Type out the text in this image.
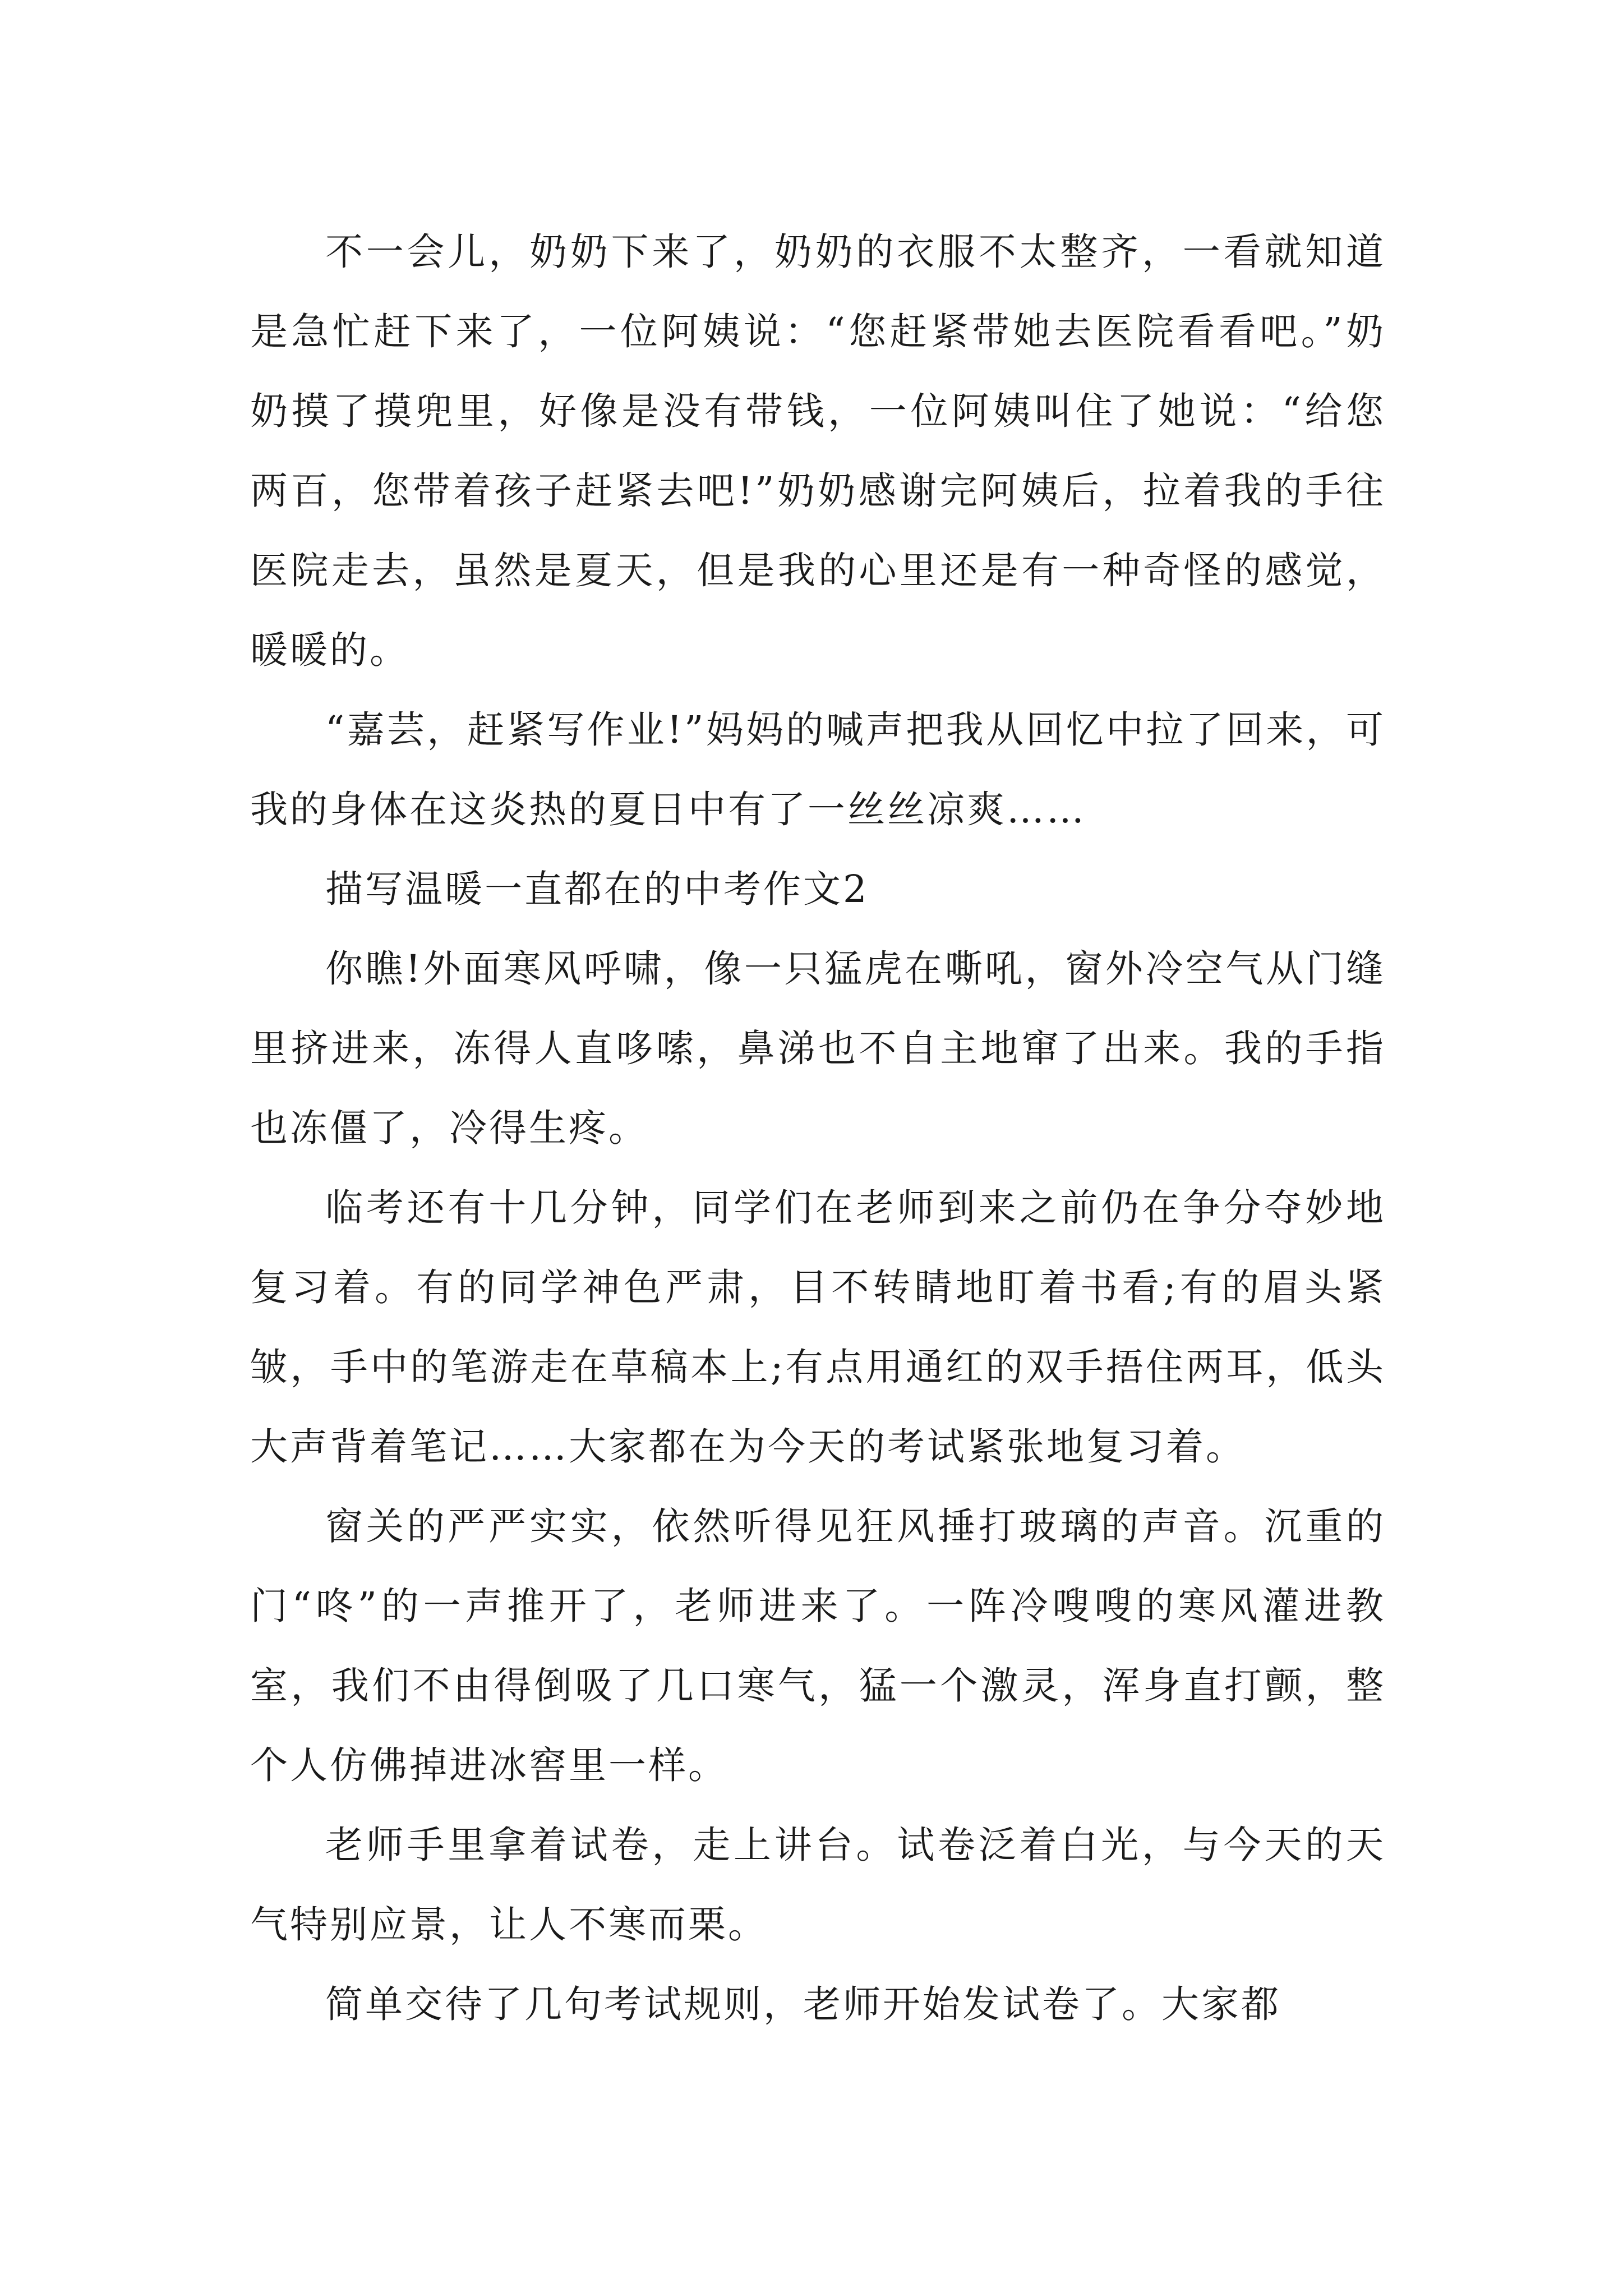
不一会儿，奶奶下来了，奶奶的衣服不太整齐，一看就知道是急忙赶下来了，一位阿姨说：“您赶紧带她去医院看看吧。”奶奶摸了摸兜里，好像是没有带钱，一位阿姨叫住了她说：“给您两百，您带着孩子赶紧去吧!”奶奶感谢完阿姨后，拉着我的手往医院走去，虽然是夏天，但是我的心里还是有一种奇怪的感觉，暖暖的。

“嘉芸，赶紧写作业!”妈妈的喊声把我从回忆中拉了回来，可我的身体在这炎热的夏日中有了一丝丝凉爽……

描写温暖一直都在的中考作文2

你瞧!外面寒风呼啸，像一只猛虎在嘶吼，窗外冷空气从门缝里挤进来，冻得人直哆嗦，鼻涕也不自主地窜了出来。我的手指也冻僵了，冷得生疼。

临考还有十几分钟，同学们在老师到来之前仍在争分夺妙地复习着。有的同学神色严肃，目不转睛地盯着书看;有的眉头紧皱，手中的笔游走在草稿本上;有点用通红的双手捂住两耳，低头大声背着笔记……大家都在为今天的考试紧张地复习着。

窗关的严严实实，依然听得见狂风捶打玻璃的声音。沉重的门“咚”的一声推开了，老师进来了。一阵冷嗖嗖的寒风灌进教室，我们不由得倒吸了几口寒气，猛一个激灵，浑身直打颤，整个人仿佛掉进冰窖里一样。

老师手里拿着试卷，走上讲台。试卷泛着白光，与今天的天气特别应景，让人不寒而栗。

简单交待了几句考试规则，老师开始发试卷了。大家都
